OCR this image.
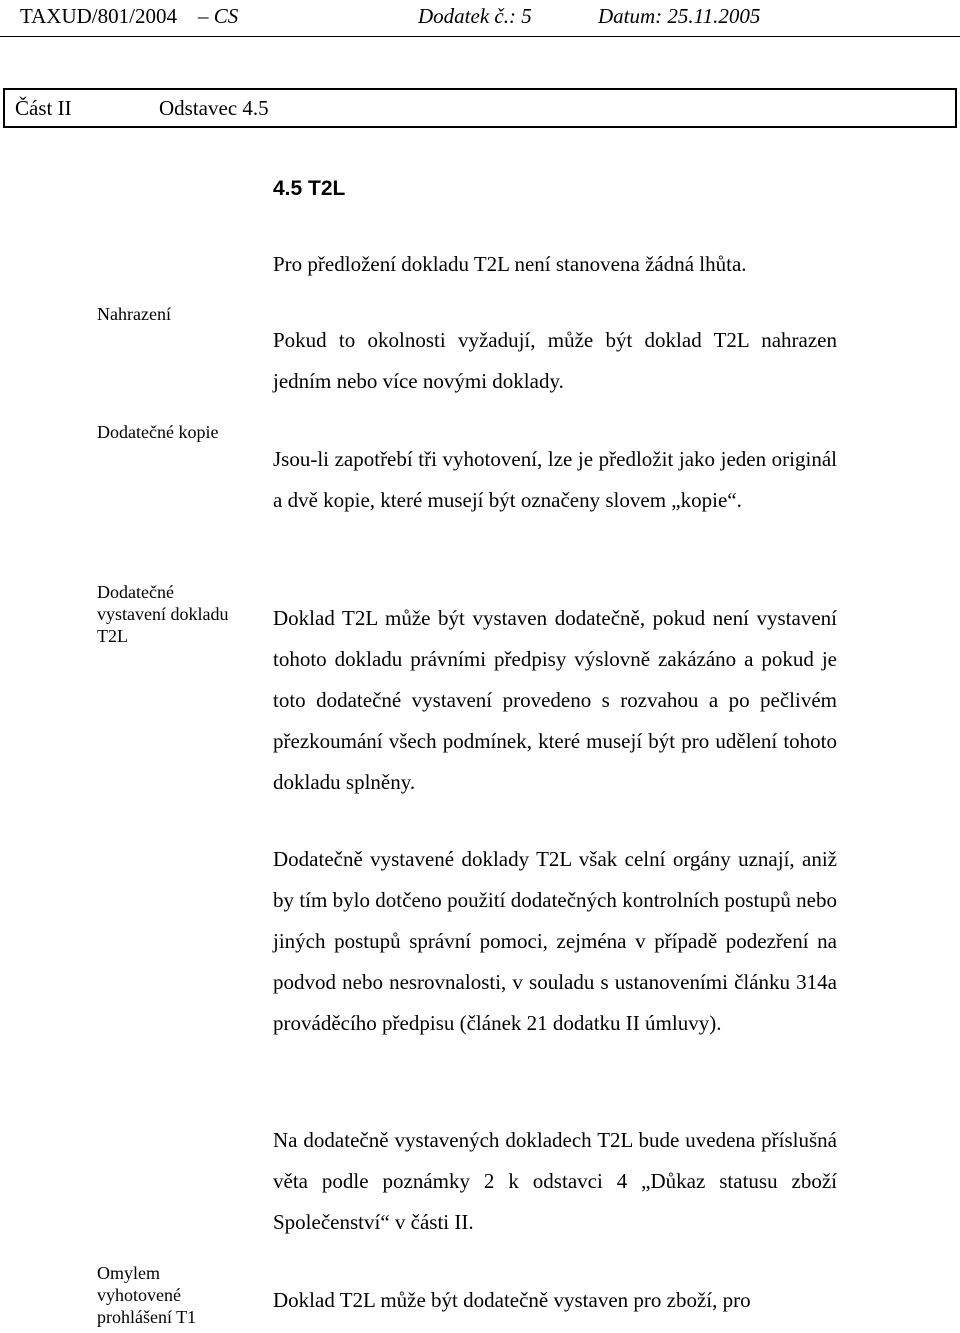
TAXUD/801/2004 – CS	Dodatek č.: 5	Datum: 25.11.2005
Část II	Odstavec 4.5
4.5 T2L
Nahrazení
Dodatečné kopie
Dodatečné vystavení dokladu T2L
Omylem vyhotovené prohlášení T1
Pro předložení dokladu T2L není stanovena žádná lhůta.
Pokud to okolnosti vyžadují, může být doklad T2L nahrazen jedním nebo více novými doklady.
Jsou-li zapotřebí tři vyhotovení, lze je předložit jako jeden originál a dvě kopie, které musejí být označeny slovem „kopie“.
Doklad T2L může být vystaven dodatečně, pokud není vystavení tohoto dokladu právními předpisy výslovně zakázáno a pokud je toto dodatečné vystavení provedeno s rozvahou a po pečlivém přezkoumání všech podmínek, které musejí být pro udělení tohoto dokladu splněny.
Dodatečně vystavené doklady T2L však celní orgány uznají, aniž by tím bylo dotčeno použití dodatečných kontrolních postupů nebo jiných postupů správní pomoci, zejména v případě podezření na podvod nebo nesrovnalosti, v souladu s ustanoveními článku 314a prováděcího předpisu (článek 21 dodatku II úmluvy).
Na dodatečně vystavených dokladech T2L bude uvedena příslušná věta podle poznámky 2 k odstavci 4 „Důkaz statusu zboží Společenství“ v části II.
Doklad T2L může být dodatečně vystaven pro zboží, pro
